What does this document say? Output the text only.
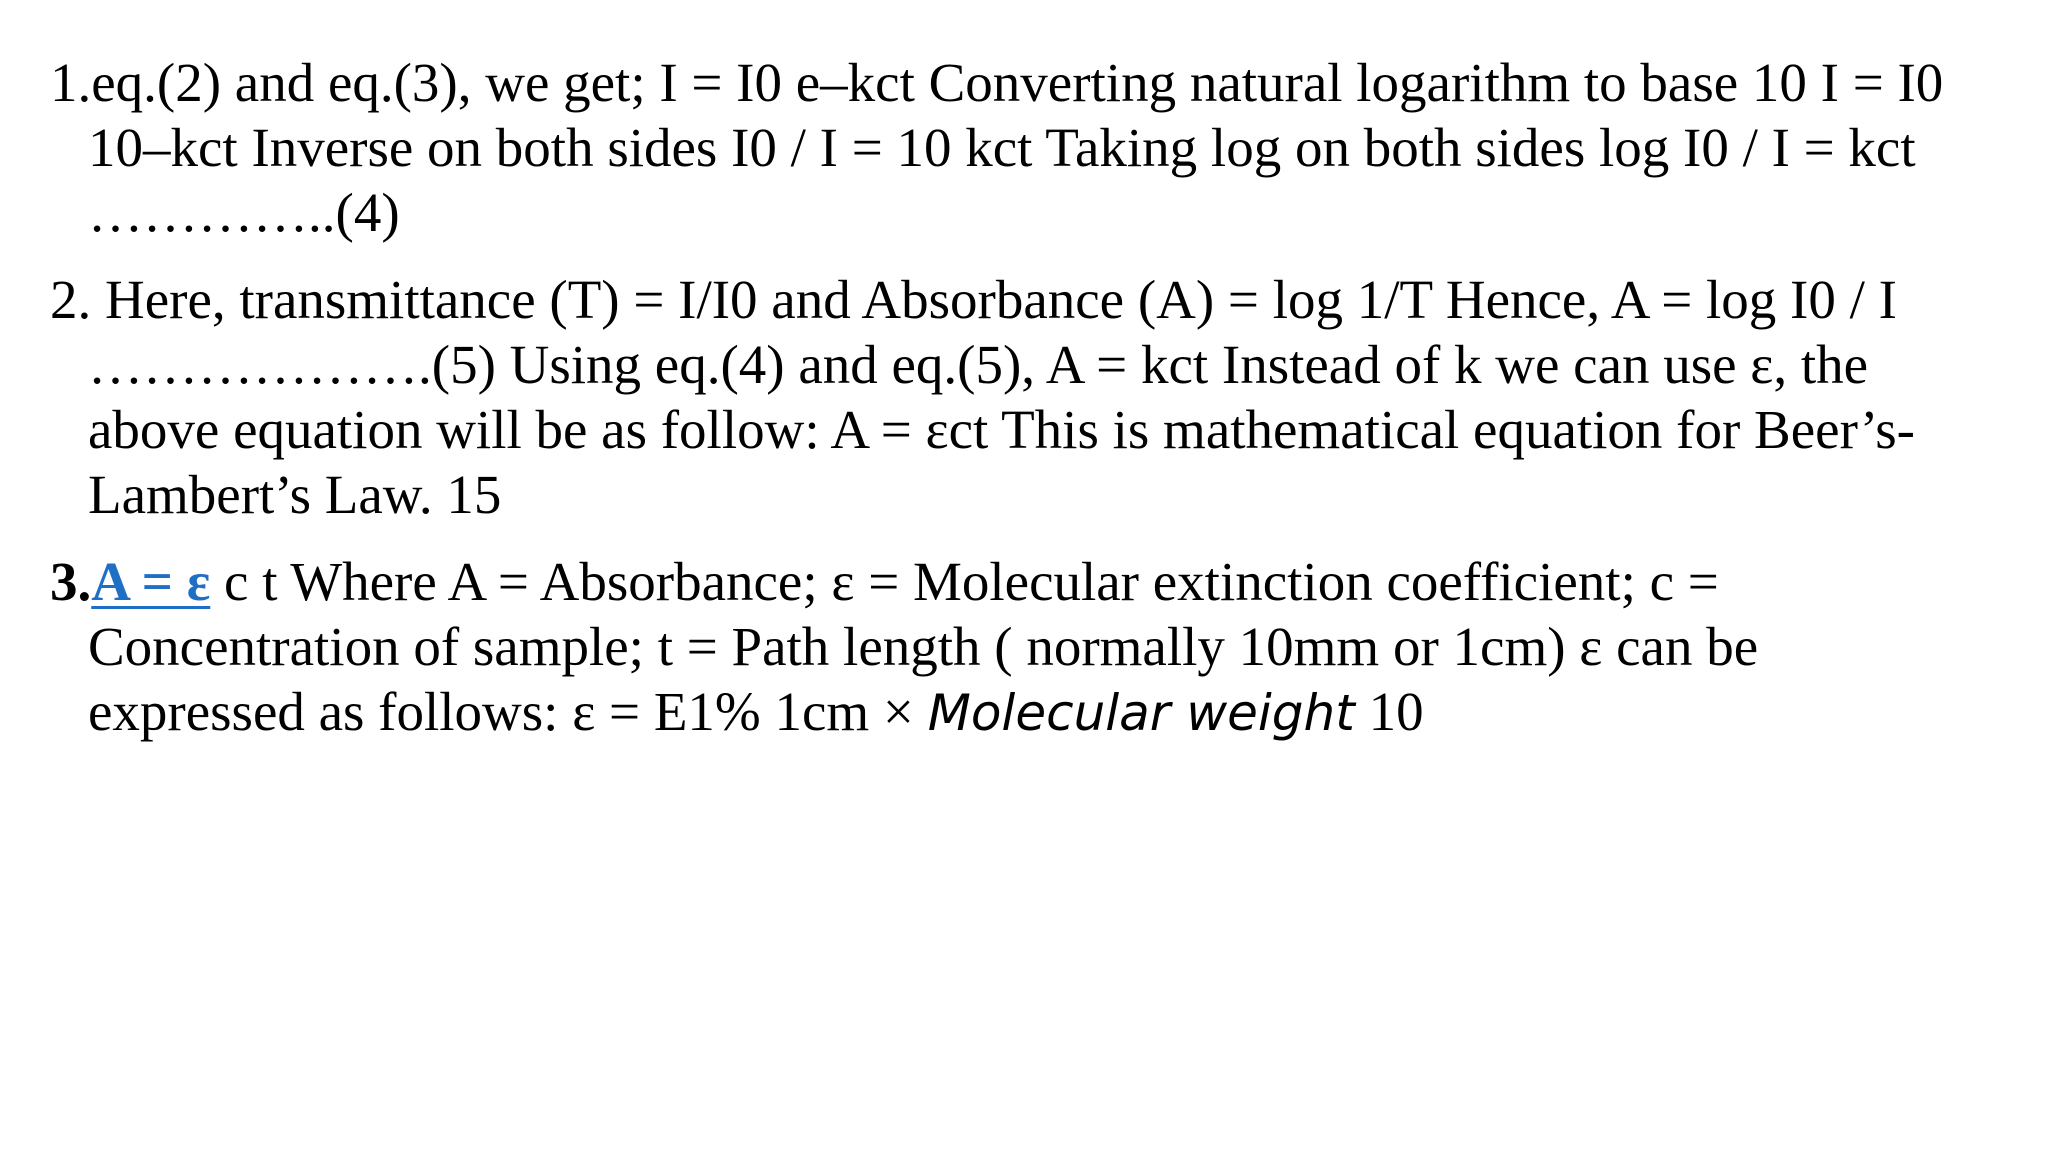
1.eq.(2) and eq.(3), we get; I = I0 e–kct Converting natural logarithm to base 10 I = I0 10–kct Inverse on both sides I0 / I = 10 kct Taking log on both sides log I0 / I = kct …………..(4)

2. Here, transmittance (T) = I/I0 and Absorbance (A) = log 1/T Hence, A = log I0 / I ……………….(5) Using eq.(4) and eq.(5), A = kct Instead of k we can use ε, the above equation will be as follow: A = εct This is mathematical equation for Beer’s- Lambert’s Law. 15

3.A = ε c t Where A = Absorbance; ε = Molecular extinction coefficient; c = Concentration of sample; t = Path length ( normally 10mm or 1cm) ε can be expressed as follows: ε = E1% 1cm × Molecular weight 10
